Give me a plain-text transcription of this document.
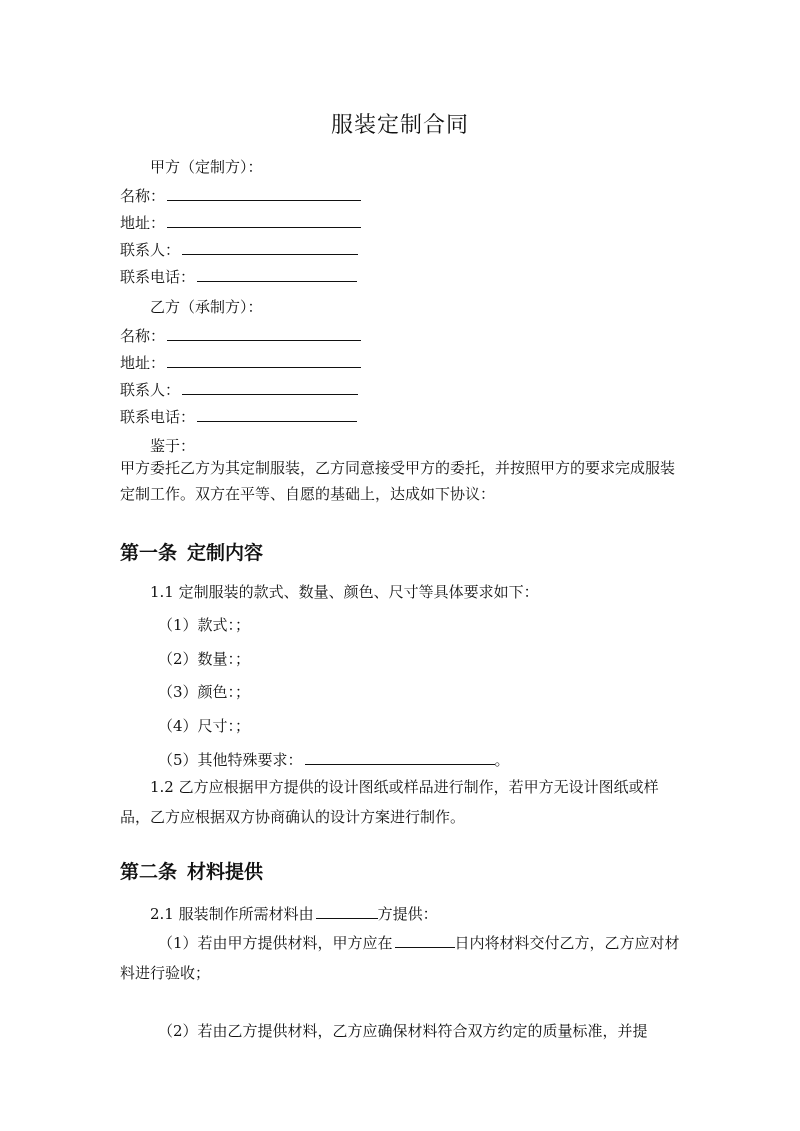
服装定制合同
甲方（定制方）：
名称：
地址：
联系人：
联系电话：
乙方（承制方）：
名称：
地址：
联系人：
联系电话：
鉴于：
甲方委托乙方为其定制服装，乙方同意接受甲方的委托，并按照甲方的要求完成服装定制工作。双方在平等、自愿的基础上，达成如下协议：
第一条 定制内容
1.1 定制服装的款式、数量、颜色、尺寸等具体要求如下：
（1）款式：；
（2）数量：；
（3）颜色：；
（4）尺寸：；
（5）其他特殊要求：	。
1.2 乙方应根据甲方提供的设计图纸或样品进行制作，若甲方无设计图纸或样品，乙方应根据双方协商确认的设计方案进行制作。
第二条 材料提供
2.1 服装制作所需材料由	方提供：
（1）若由甲方提供材料，甲方应在	日内将材料交付乙方，乙方应对材料进行验收；
（2）若由乙方提供材料，乙方应确保材料符合双方约定的质量标准，并提
